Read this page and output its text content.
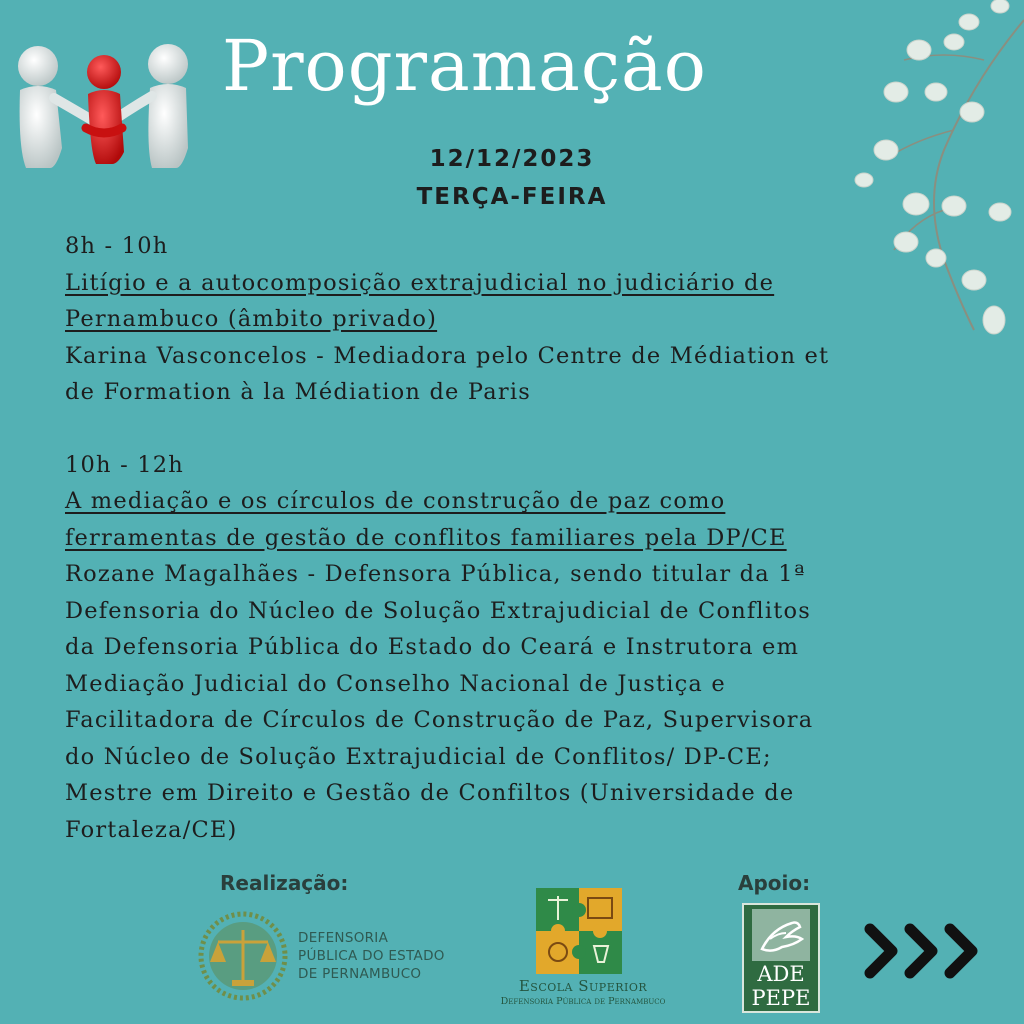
Programação
12/12/2023
TERÇA-FEIRA

8h - 10h

Litígio e a autocomposição extrajudicial no judiciário de

Pernambuco (âmbito privado)

Karina Vasconcelos - Mediadora pelo Centre de Médiation et

de Formation à la Médiation de Paris

10h - 12h

A mediação e os círculos de construção de paz como

ferramentas de gestão de conflitos familiares pela DP/CE

Rozane Magalhães - Defensora Pública, sendo titular da 1ª

Defensoria do Núcleo de Solução Extrajudicial de Conflitos

da Defensoria Pública do Estado do Ceará e Instrutora em

Mediação Judicial do Conselho Nacional de Justiça e

Facilitadora de Círculos de Construção de Paz, Supervisora

do Núcleo de Solução Extrajudicial de Conflitos/ DP-CE;

Mestre em Direito e Gestão de Confiltos (Universidade de

Fortaleza/CE)

Realização:	Apoio:

DEFENSORIA

PÚBLICA DO ESTADO

DE PERNAMBUCO

Escola Superior
Defensoria Pública de Pernambuco
ADE
PEPE
